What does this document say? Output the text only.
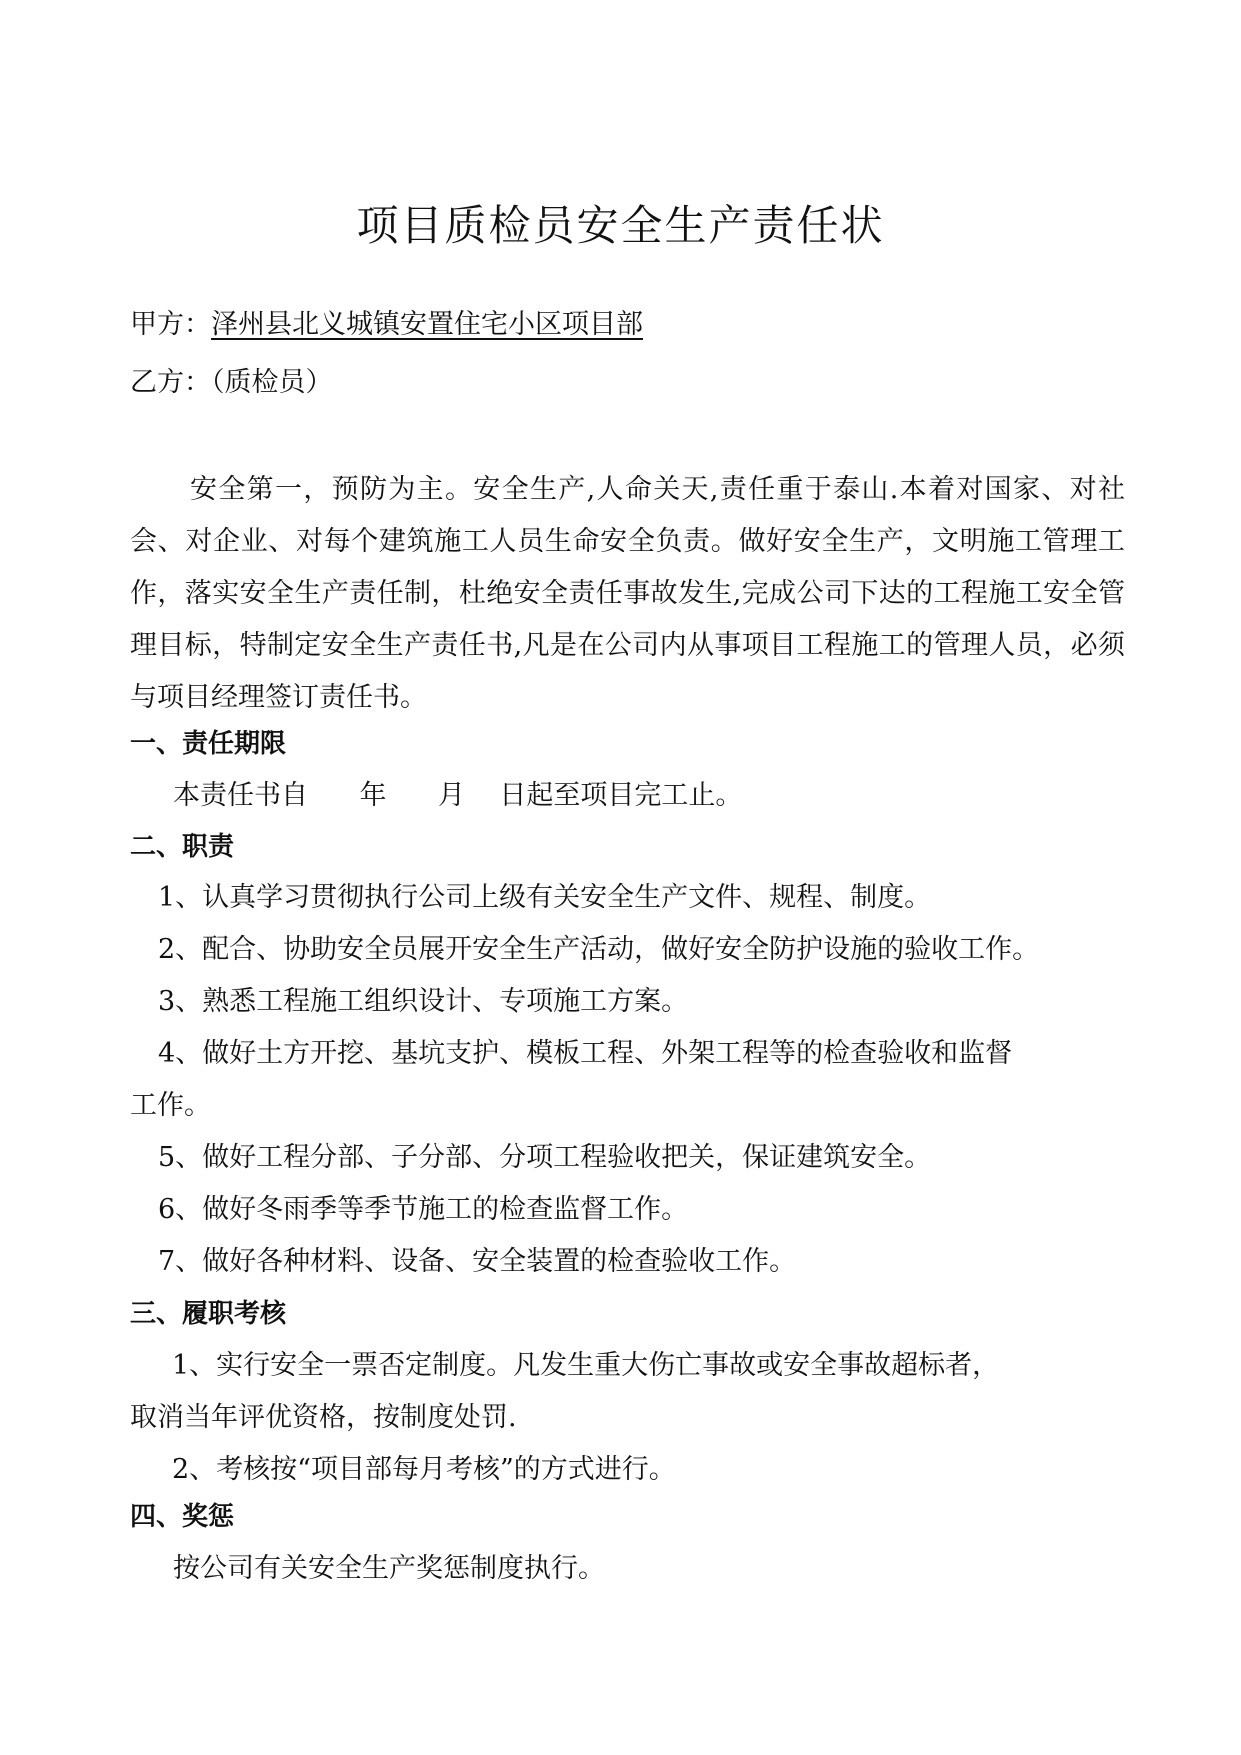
项目质检员安全生产责任状
甲方：泽州县北义城镇安置住宅小区项目部
乙方：（质检员）

安全第一，预防为主。安全生产,人命关天,责任重于泰山.本着对国家、对社会、对企业、对每个建筑施工人员生命安全负责。做好安全生产，文明施工管理工作，落实安全生产责任制，杜绝安全责任事故发生,完成公司下达的工程施工安全管理目标，特制定安全生产责任书,凡是在公司内从事项目工程施工的管理人员，必须与项目经理签订责任书。

一、责任期限
本责任书自      年      月    日起至项目完工止。
二、职责
1、认真学习贯彻执行公司上级有关安全生产文件、规程、制度。
2、配合、协助安全员展开安全生产活动，做好安全防护设施的验收工作。
3、熟悉工程施工组织设计、专项施工方案。
4、做好土方开挖、基坑支护、模板工程、外架工程等的检查验收和监督
工作。
5、做好工程分部、子分部、分项工程验收把关，保证建筑安全。
6、做好冬雨季等季节施工的检查监督工作。
7、做好各种材料、设备、安全装置的检查验收工作。
三、履职考核
1、实行安全一票否定制度。凡发生重大伤亡事故或安全事故超标者，
取消当年评优资格，按制度处罚.
2、考核按“项目部每月考核”的方式进行。
四、奖惩
按公司有关安全生产奖惩制度执行。
